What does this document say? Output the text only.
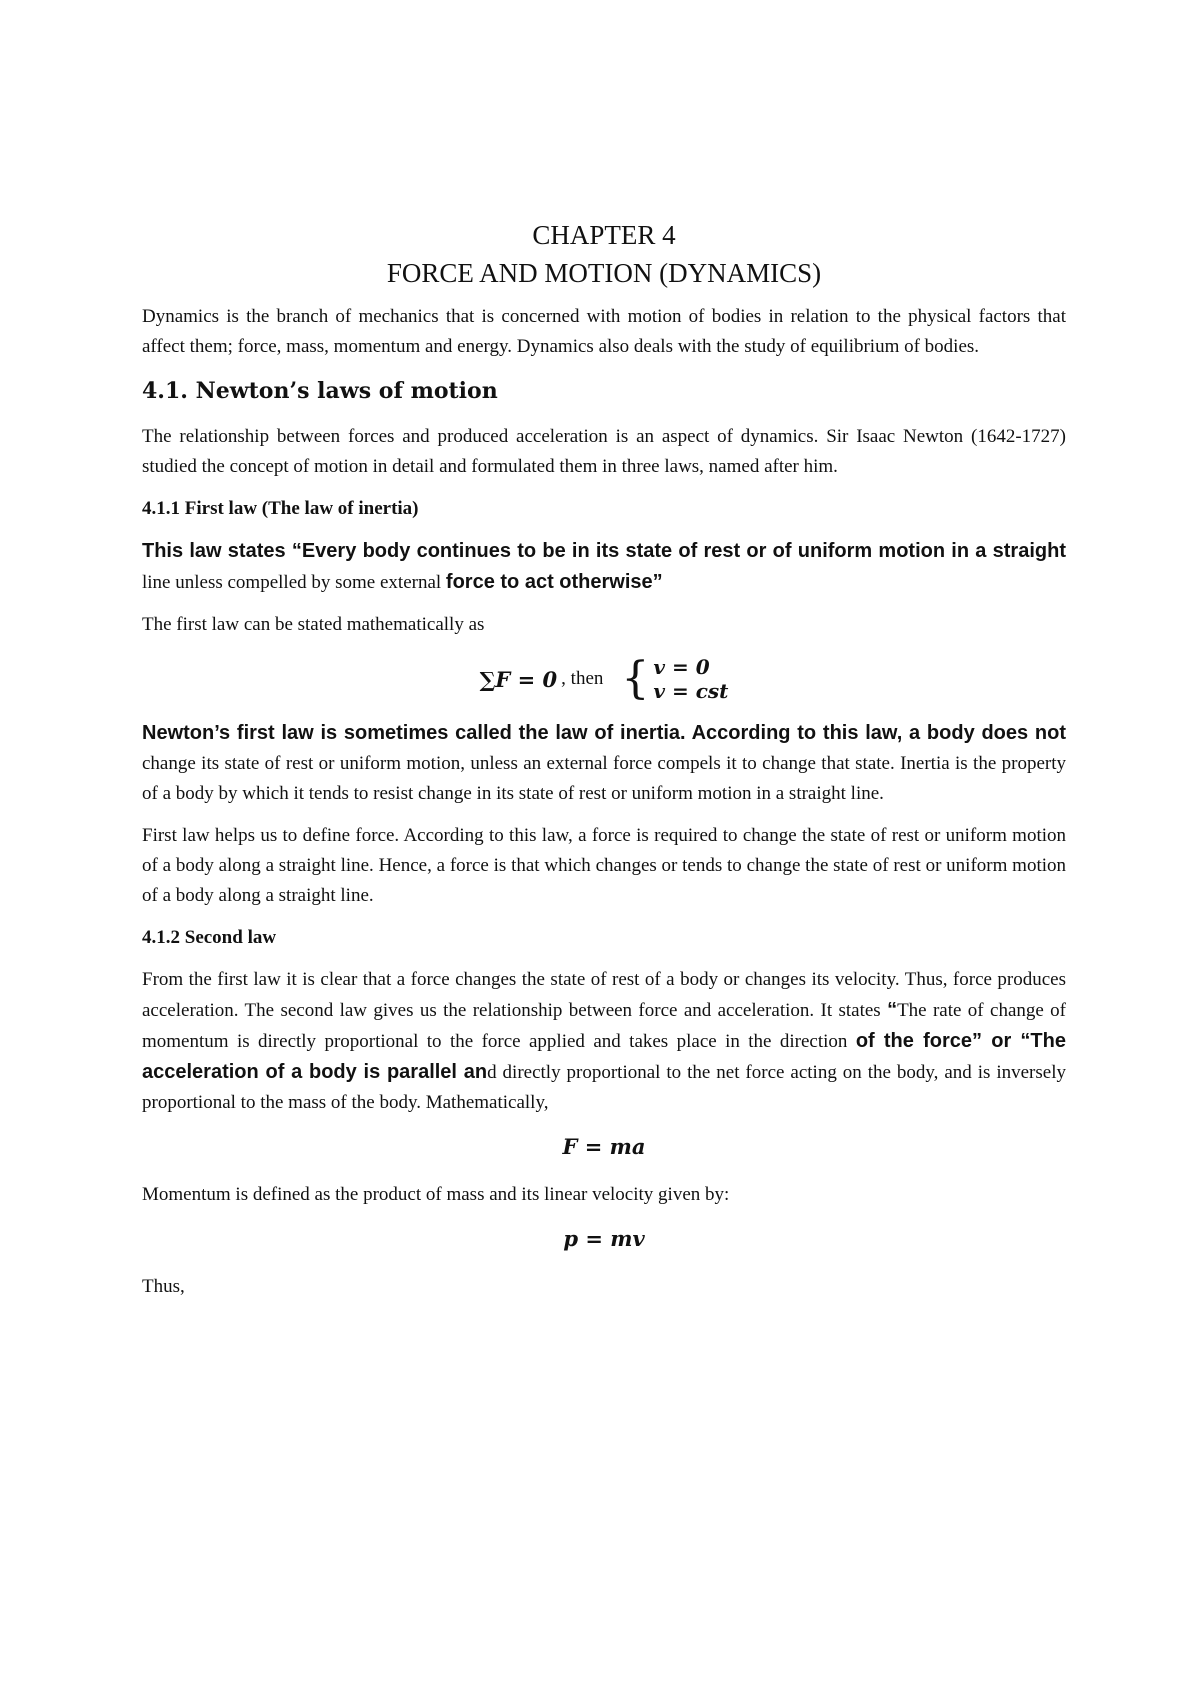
CHAPTER 4
FORCE AND MOTION (DYNAMICS)

Dynamics is the branch of mechanics that is concerned with motion of bodies in relation to the physical factors that affect them; force, mass, momentum and energy. Dynamics also deals with the study of equilibrium of bodies.

4.1. Newton’s laws of motion

The relationship between forces and produced acceleration is an aspect of dynamics. Sir Isaac Newton (1642-1727) studied the concept of motion in detail and formulated them in three laws, named after him.

4.1.1 First law (The law of inertia)

This law states “Every body continues to be in its state of rest or of uniform motion in a straight line unless compelled by some external force to act otherwise”

The first law can be stated mathematically as

∑F = 0 , then { v = 0
v = cst

Newton’s first law is sometimes called the law of inertia. According to this law, a body does not change its state of rest or uniform motion, unless an external force compels it to change that state. Inertia is the property of a body by which it tends to resist change in its state of rest or uniform motion in a straight line.

First law helps us to define force. According to this law, a force is required to change the state of rest or uniform motion of a body along a straight line. Hence, a force is that which changes or tends to change the state of rest or uniform motion of a body along a straight line.

4.1.2 Second law

From the first law it is clear that a force changes the state of rest of a body or changes its velocity. Thus, force produces acceleration. The second law gives us the relationship between force and acceleration. It states “The rate of change of momentum is directly proportional to the force applied and takes place in the direction of the force” or “The acceleration of a body is parallel and directly proportional to the net force acting on the body, and is inversely proportional to the mass of the body. Mathematically,

F = ma

Momentum is defined as the product of mass and its linear velocity given by:

p = mv

Thus,
